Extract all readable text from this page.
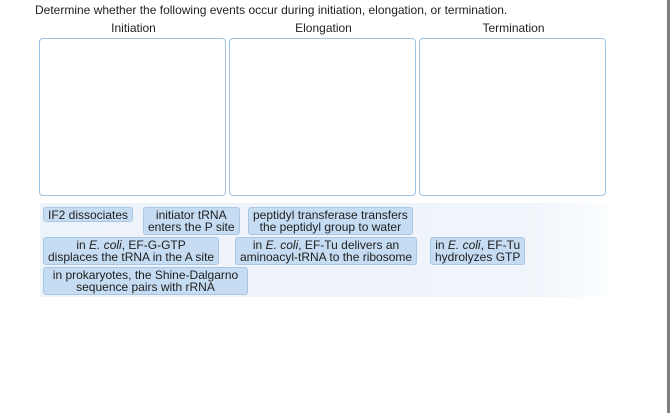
Determine whether the following events occur during initiation, elongation, or termination.
Initiation	Elongation	Termination
IF2 dissociates	initiator tRNA
enters the P site
peptidyl transferase transfers
the peptidyl group to water
in E. coli, EF-G-GTP
displaces the tRNA in the A site
in E. coli, EF-Tu delivers an
aminoacyl-tRNA to the ribosome
in E. coli, EF-Tu
hydrolyzes GTP
in prokaryotes, the Shine-Dalgarno
sequence pairs with rRNA
